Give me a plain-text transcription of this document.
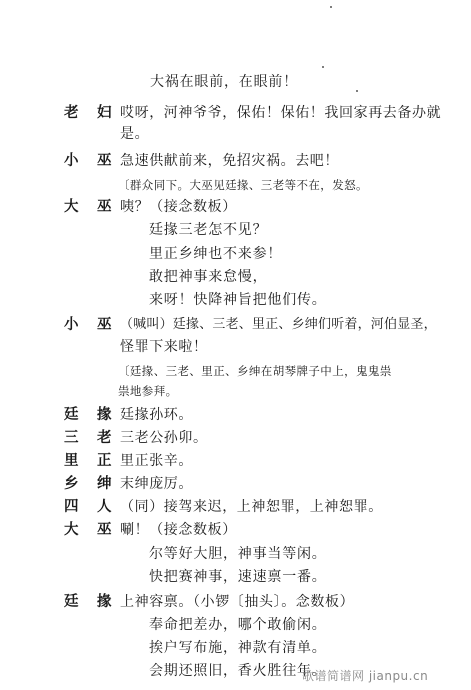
大祸在眼前，在眼前！
老　妇 哎呀，河神爷爷，保佑！保佑！我回家再去备办就
是。
小　巫 急速供献前来，免招灾祸。去吧！
〔群众同下。大巫见廷掾、三老等不在，发怒。
大　巫 咦？（接念数板）
廷掾三老怎不见？
里正乡绅也不来参！
敢把神事来怠慢，
来呀！快降神旨把他们传。
小　巫 （喊叫）廷掾、三老、里正、乡绅们听着，河伯显圣，
怪罪下来啦！
〔廷掾、三老、里正、乡绅在胡琴牌子中上，鬼鬼祟
祟地参拜。
廷　掾 廷掾孙环。
三　老 三老公孙卯。
里　正 里正张辛。
乡　绅 末绅庞厉。
四　人 （同）接驾来迟，上神恕罪，上神恕罪。
大　巫 唰！（接念数板）
尔等好大胆，神事当等闲。
快把赛神事，速速禀一番。
廷　掾 上神容禀。（小锣〔抽头〕。念数板）
奉命把差办，哪个敢偷闲。
挨户写布施，神款有清单。
会期还照旧，香火胜往年。
歌谱简谱网 jianpu.cn
